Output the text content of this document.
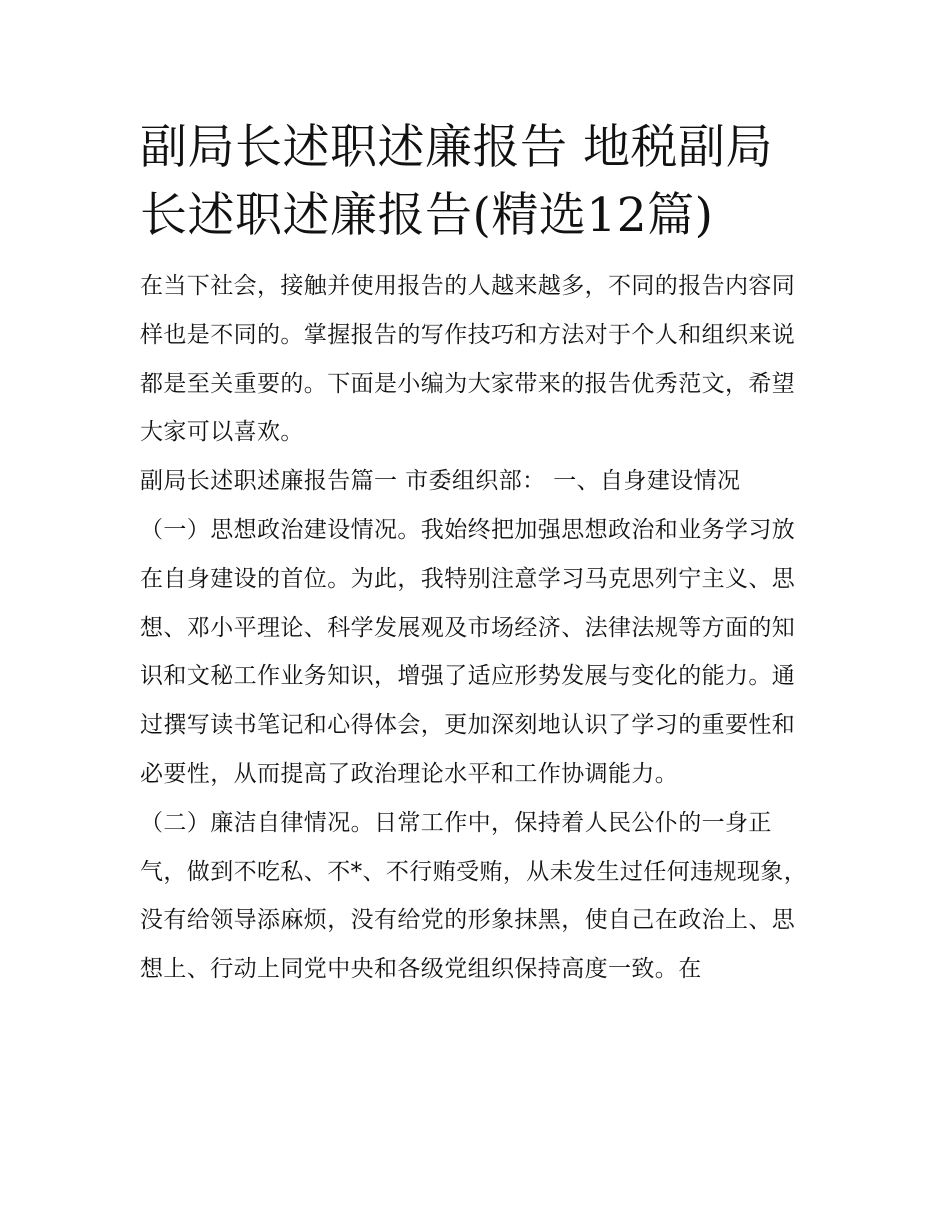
副局长述职述廉报告 地税副局长述职述廉报告(精选12篇)

在当下社会，接触并使用报告的人越来越多，不同的报告内容同样也是不同的。掌握报告的写作技巧和方法对于个人和组织来说都是至关重要的。下面是小编为大家带来的报告优秀范文，希望大家可以喜欢。

副局长述职述廉报告篇一 市委组织部： 一、自身建设情况

（一）思想政治建设情况。我始终把加强思想政治和业务学习放在自身建设的首位。为此，我特别注意学习马克思列宁主义、思想、邓小平理论、科学发展观及市场经济、法律法规等方面的知识和文秘工作业务知识，增强了适应形势发展与变化的能力。通过撰写读书笔记和心得体会，更加深刻地认识了学习的重要性和必要性，从而提高了政治理论水平和工作协调能力。

（二）廉洁自律情况。日常工作中，保持着人民公仆的一身正气，做到不吃私、不*、不行贿受贿，从未发生过任何违规现象，没有给领导添麻烦，没有给党的形象抹黑，使自己在政治上、思想上、行动上同党中央和各级党组织保持高度一致。在
